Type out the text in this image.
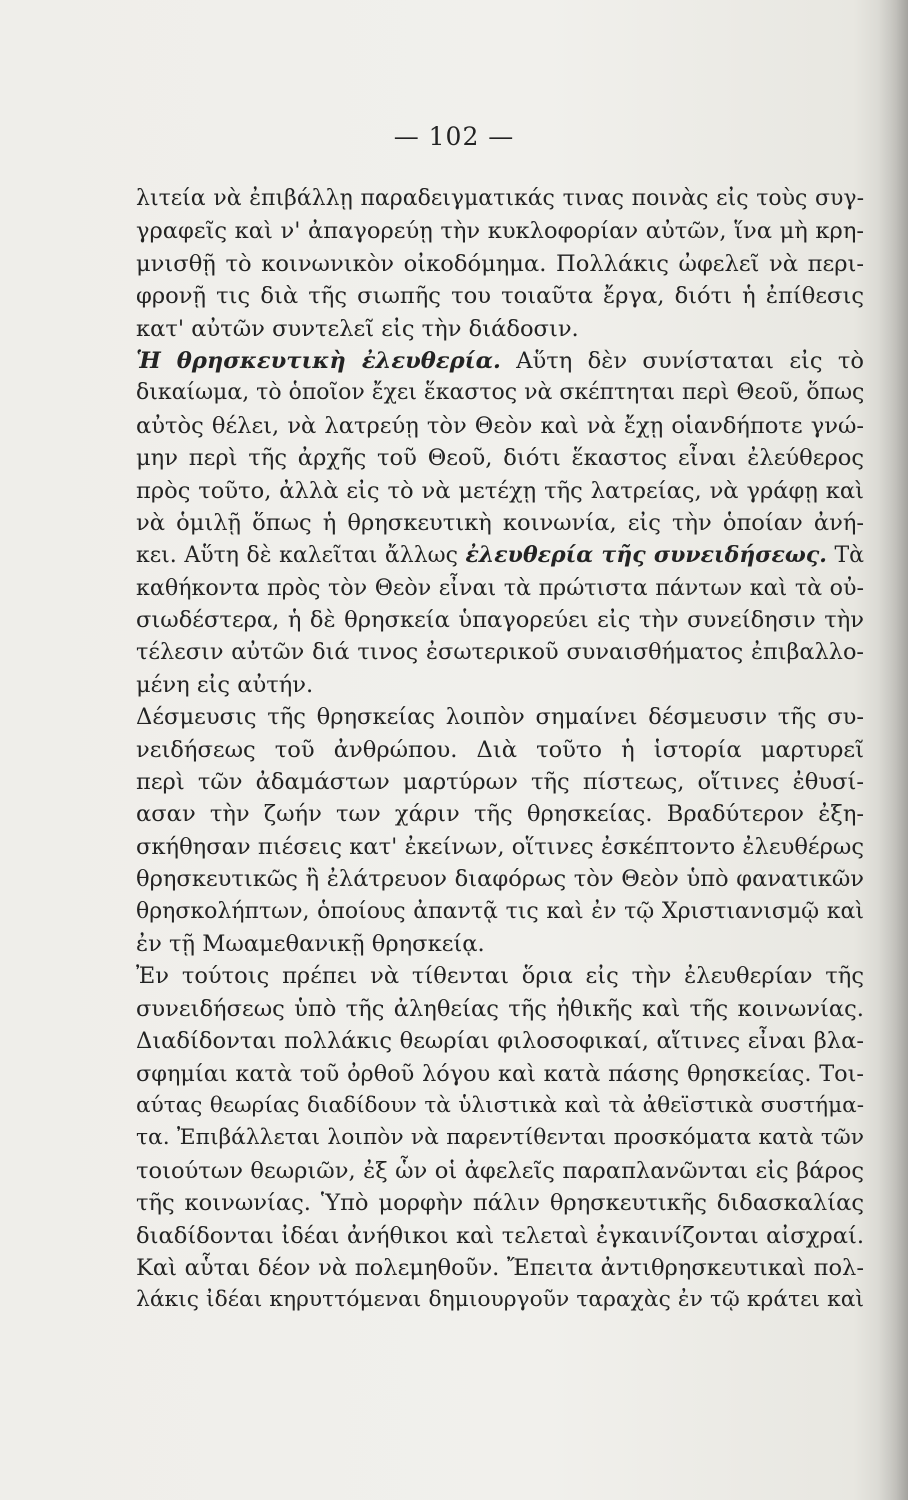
— 102 —
λιτεία νὰ ἐπιβάλλῃ παραδειγματικάς τινας ποινὰς εἰς τοὺς συγ-
γραφεῖς καὶ ν' ἀπαγορεύῃ τὴν κυκλοφορίαν αὐτῶν, ἵνα μὴ κρη-
μνισθῇ τὸ κοινωνικὸν οἰκοδόμημα. Πολλάκις ὠφελεῖ νὰ περι-
φρονῇ τις διὰ τῆς σιωπῆς του τοιαῦτα ἔργα, διότι ἡ ἐπίθεσις
κατ' αὐτῶν συντελεῖ εἰς τὴν διάδοσιν.
Ἡ θρησκευτικὴ ἐλευθερία. Αὕτη δὲν συνίσταται εἰς τὸ
δικαίωμα, τὸ ὁποῖον ἔχει ἕκαστος νὰ σκέπτηται περὶ Θεοῦ, ὅπως
αὐτὸς θέλει, νὰ λατρεύῃ τὸν Θεὸν καὶ νὰ ἔχῃ οἱανδήποτε γνώ-
μην περὶ τῆς ἀρχῆς τοῦ Θεοῦ, διότι ἕκαστος εἶναι ἐλεύθερος
πρὸς τοῦτο, ἀλλὰ εἰς τὸ νὰ μετέχῃ τῆς λατρείας, νὰ γράφῃ καὶ
νὰ ὁμιλῇ ὅπως ἡ θρησκευτικὴ κοινωνία, εἰς τὴν ὁποίαν ἀνή-
κει. Αὕτη δὲ καλεῖται ἄλλως ἐλευθερία τῆς συνειδήσεως. Τὰ
καθήκοντα πρὸς τὸν Θεὸν εἶναι τὰ πρώτιστα πάντων καὶ τὰ οὐ-
σιωδέστερα, ἡ δὲ θρησκεία ὑπαγορεύει εἰς τὴν συνείδησιν τὴν
τέλεσιν αὐτῶν διά τινος ἐσωτερικοῦ συναισθήματος ἐπιβαλλο-
μένη εἰς αὐτήν.
Δέσμευσις τῆς θρησκείας λοιπὸν σημαίνει δέσμευσιν τῆς συ-
νειδήσεως τοῦ ἀνθρώπου. Διὰ τοῦτο ἡ ἱστορία μαρτυρεῖ
περὶ τῶν ἀδαμάστων μαρτύρων τῆς πίστεως, οἵτινες ἐθυσί-
ασαν τὴν ζωήν των χάριν τῆς θρησκείας. Βραδύτερον ἐξη-
σκήθησαν πιέσεις κατ' ἐκείνων, οἵτινες ἐσκέπτοντο ἐλευθέρως
θρησκευτικῶς ἢ ἐλάτρευον διαφόρως τὸν Θεὸν ὑπὸ φανατικῶν
θρησκολήπτων, ὁποίους ἀπαντᾷ τις καὶ ἐν τῷ Χριστιανισμῷ καὶ
ἐν τῇ Μωαμεθανικῇ θρησκείᾳ.
Ἐν τούτοις πρέπει νὰ τίθενται ὅρια εἰς τὴν ἐλευθερίαν τῆς
συνειδήσεως ὑπὸ τῆς ἀληθείας τῆς ἠθικῆς καὶ τῆς κοινωνίας.
Διαδίδονται πολλάκις θεωρίαι φιλοσοφικαί, αἵτινες εἶναι βλα-
σφημίαι κατὰ τοῦ ὀρθοῦ λόγου καὶ κατὰ πάσης θρησκείας. Τοι-
αύτας θεωρίας διαδίδουν τὰ ὑλιστικὰ καὶ τὰ ἀθεϊστικὰ συστήμα-
τα. Ἐπιβάλλεται λοιπὸν νὰ παρεντίθενται προσκόματα κατὰ τῶν
τοιούτων θεωριῶν, ἐξ ὧν οἱ ἀφελεῖς παραπλανῶνται εἰς βάρος
τῆς κοινωνίας. Ὑπὸ μορφὴν πάλιν θρησκευτικῆς διδασκαλίας
διαδίδονται ἰδέαι ἀνήθικοι καὶ τελεταὶ ἐγκαινίζονται αἰσχραί.
Καὶ αὗται δέον νὰ πολεμηθοῦν. Ἔπειτα ἀντιθρησκευτικαὶ πολ-
λάκις ἰδέαι κηρυττόμεναι δημιουργοῦν ταραχὰς ἐν τῷ κράτει καὶ
